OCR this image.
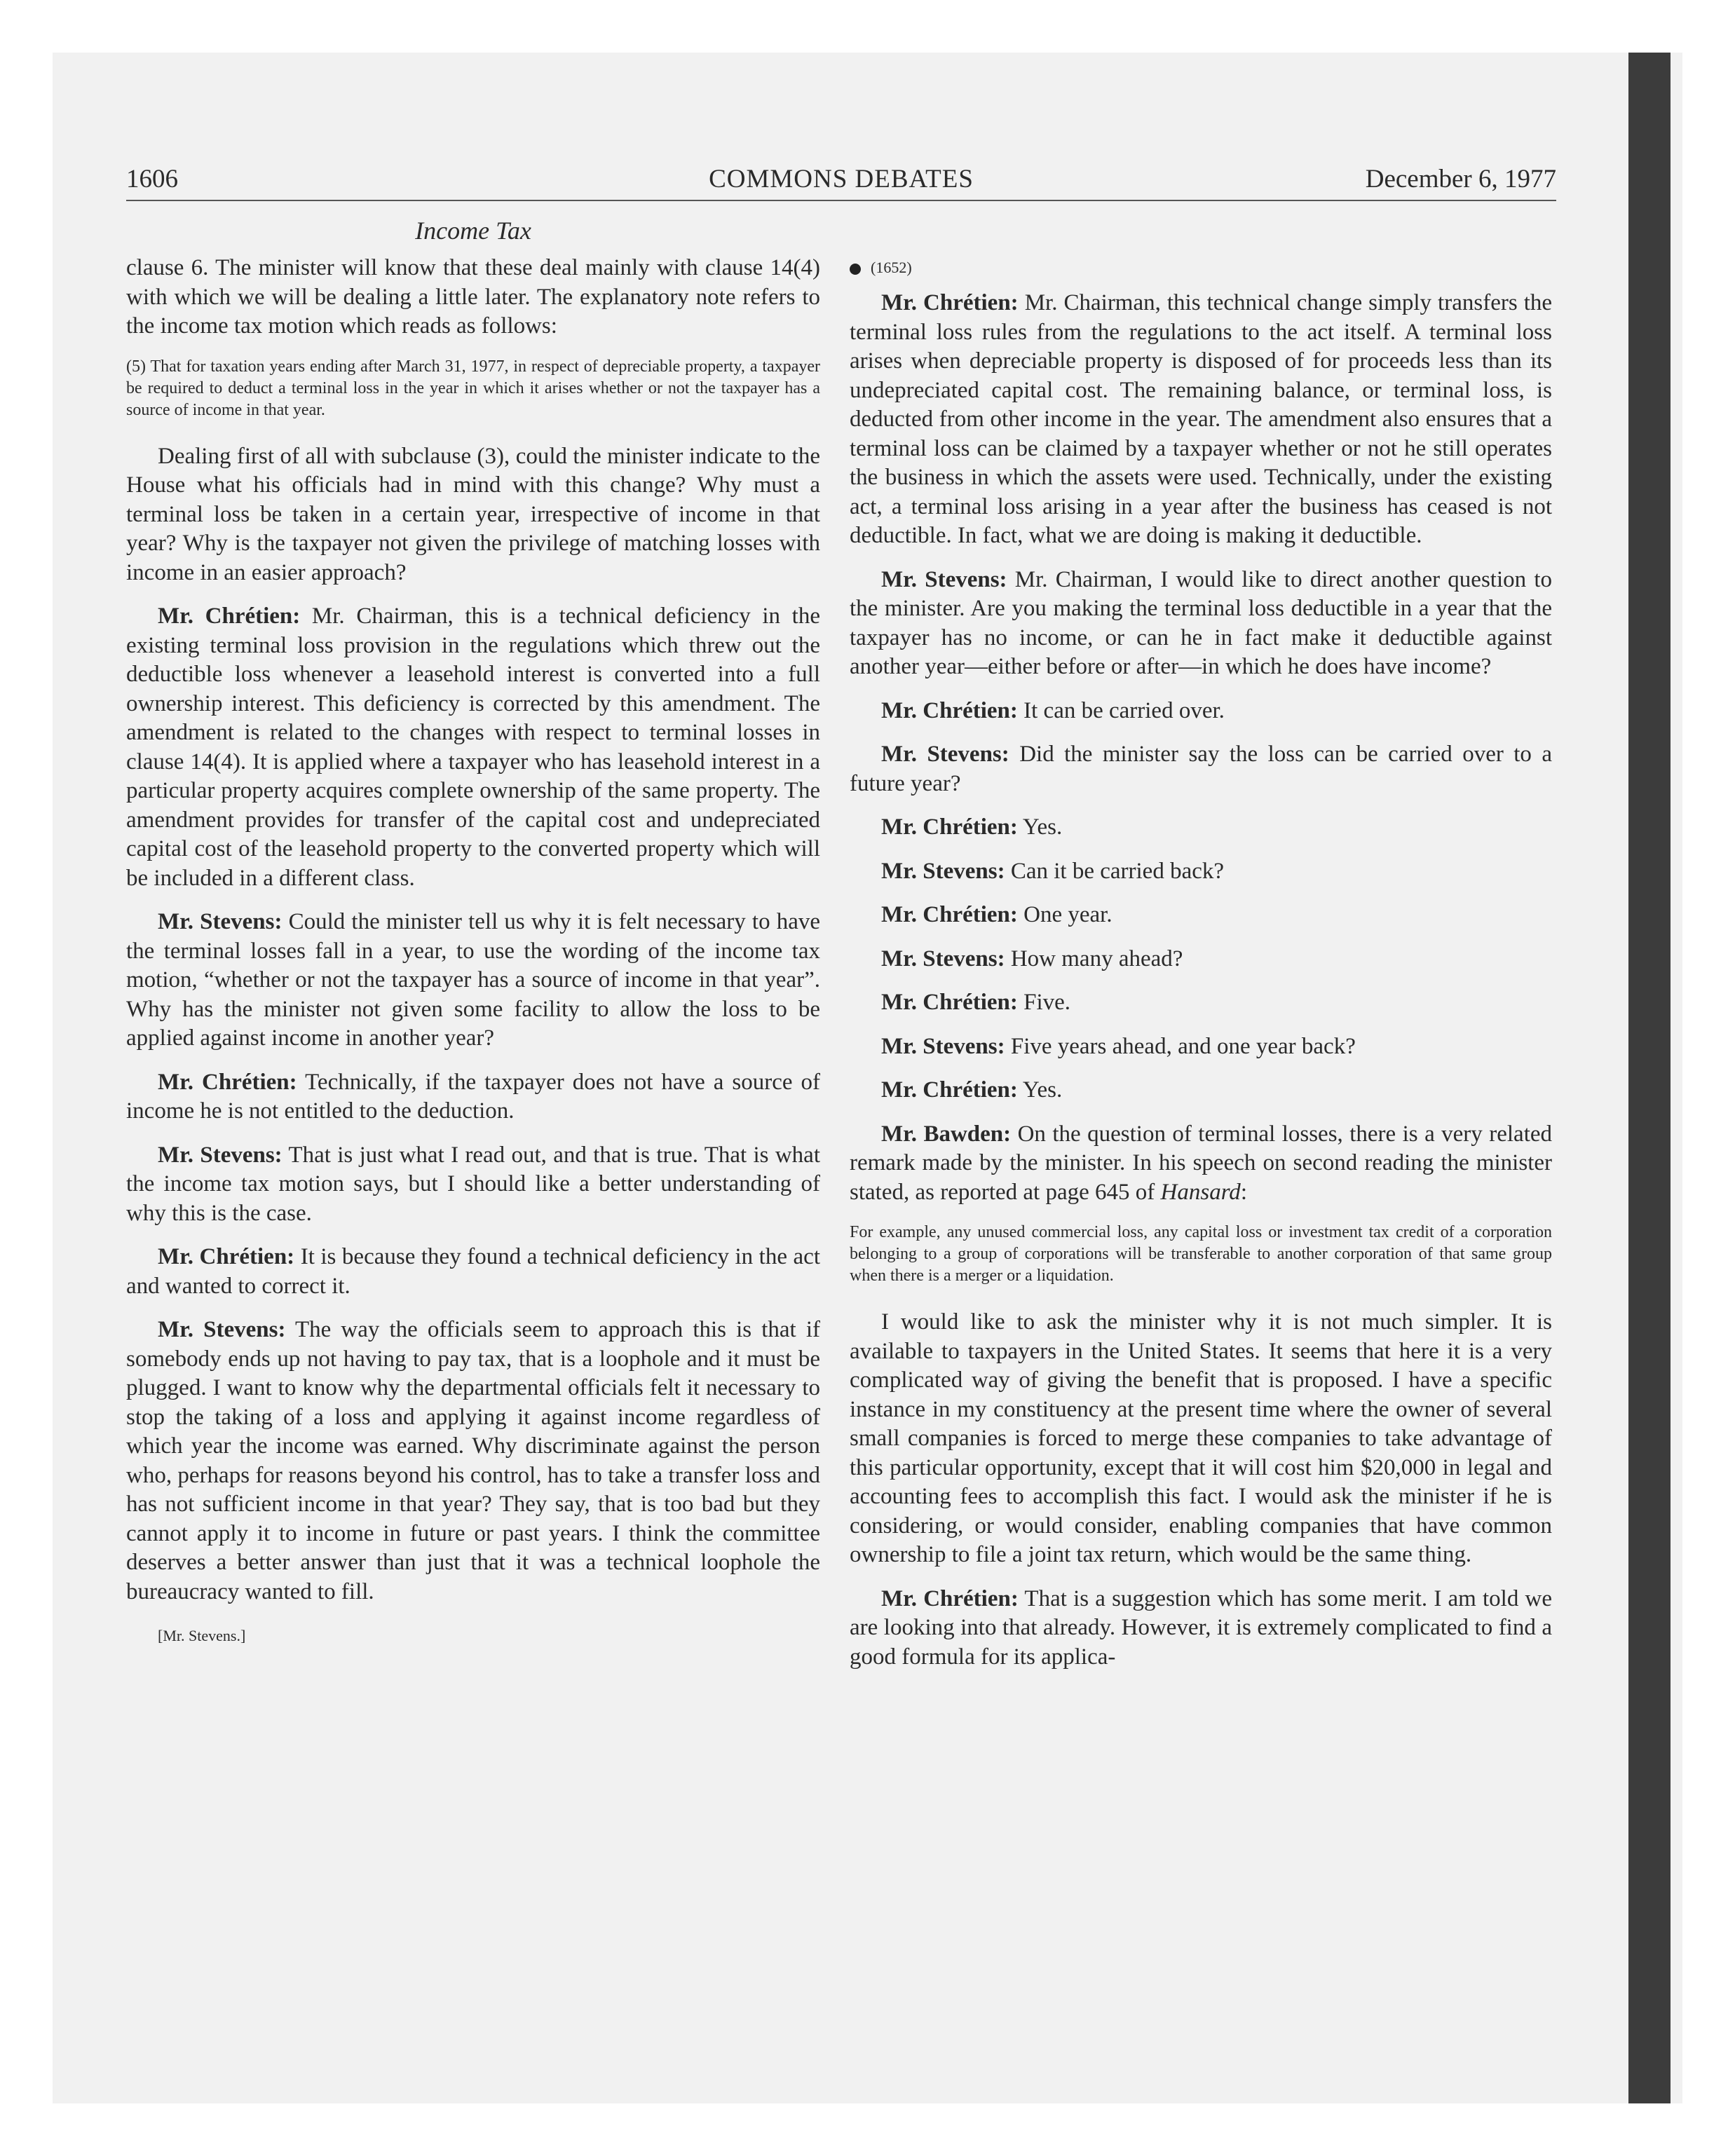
1606	COMMONS DEBATES	December 6, 1977
Income Tax

clause 6. The minister will know that these deal mainly with clause 14(4) with which we will be dealing a little later. The explanatory note refers to the income tax motion which reads as follows:

(5) That for taxation years ending after March 31, 1977, in respect of depreciable property, a taxpayer be required to deduct a terminal loss in the year in which it arises whether or not the taxpayer has a source of income in that year.

Dealing first of all with subclause (3), could the minister indicate to the House what his officials had in mind with this change? Why must a terminal loss be taken in a certain year, irrespective of income in that year? Why is the taxpayer not given the privilege of matching losses with income in an easier approach?

Mr. Chrétien: Mr. Chairman, this is a technical deficiency in the existing terminal loss provision in the regulations which threw out the deductible loss whenever a leasehold interest is converted into a full ownership interest. This deficiency is corrected by this amendment. The amendment is related to the changes with respect to terminal losses in clause 14(4). It is applied where a taxpayer who has leasehold interest in a particular property acquires complete ownership of the same property. The amendment provides for transfer of the capital cost and undepreciated capital cost of the leasehold property to the converted property which will be included in a different class.

Mr. Stevens: Could the minister tell us why it is felt necessary to have the terminal losses fall in a year, to use the wording of the income tax motion, “whether or not the taxpayer has a source of income in that year”. Why has the minister not given some facility to allow the loss to be applied against income in another year?

Mr. Chrétien: Technically, if the taxpayer does not have a source of income he is not entitled to the deduction.

Mr. Stevens: That is just what I read out, and that is true. That is what the income tax motion says, but I should like a better understanding of why this is the case.

Mr. Chrétien: It is because they found a technical deficiency in the act and wanted to correct it.

Mr. Stevens: The way the officials seem to approach this is that if somebody ends up not having to pay tax, that is a loophole and it must be plugged. I want to know why the departmental officials felt it necessary to stop the taking of a loss and applying it against income regardless of which year the income was earned. Why discriminate against the person who, perhaps for reasons beyond his control, has to take a transfer loss and has not sufficient income in that year? They say, that is too bad but they cannot apply it to income in future or past years. I think the committee deserves a better answer than just that it was a technical loophole the bureaucracy wanted to fill.

[Mr. Stevens.]

(1652)

Mr. Chrétien: Mr. Chairman, this technical change simply transfers the terminal loss rules from the regulations to the act itself. A terminal loss arises when depreciable property is disposed of for proceeds less than its undepreciated capital cost. The remaining balance, or terminal loss, is deducted from other income in the year. The amendment also ensures that a terminal loss can be claimed by a taxpayer whether or not he still operates the business in which the assets were used. Technically, under the existing act, a terminal loss arising in a year after the business has ceased is not deductible. In fact, what we are doing is making it deductible.

Mr. Stevens: Mr. Chairman, I would like to direct another question to the minister. Are you making the terminal loss deductible in a year that the taxpayer has no income, or can he in fact make it deductible against another year—either before or after—in which he does have income?

Mr. Chrétien: It can be carried over.

Mr. Stevens: Did the minister say the loss can be carried over to a future year?

Mr. Chrétien: Yes.

Mr. Stevens: Can it be carried back?

Mr. Chrétien: One year.

Mr. Stevens: How many ahead?

Mr. Chrétien: Five.

Mr. Stevens: Five years ahead, and one year back?

Mr. Chrétien: Yes.

Mr. Bawden: On the question of terminal losses, there is a very related remark made by the minister. In his speech on second reading the minister stated, as reported at page 645 of Hansard:

For example, any unused commercial loss, any capital loss or investment tax credit of a corporation belonging to a group of corporations will be transferable to another corporation of that same group when there is a merger or a liquidation.

I would like to ask the minister why it is not much simpler. It is available to taxpayers in the United States. It seems that here it is a very complicated way of giving the benefit that is proposed. I have a specific instance in my constituency at the present time where the owner of several small companies is forced to merge these companies to take advantage of this particular opportunity, except that it will cost him $20,000 in legal and accounting fees to accomplish this fact. I would ask the minister if he is considering, or would consider, enabling companies that have common ownership to file a joint tax return, which would be the same thing.

Mr. Chrétien: That is a suggestion which has some merit. I am told we are looking into that already. However, it is extremely complicated to find a good formula for its applica-
